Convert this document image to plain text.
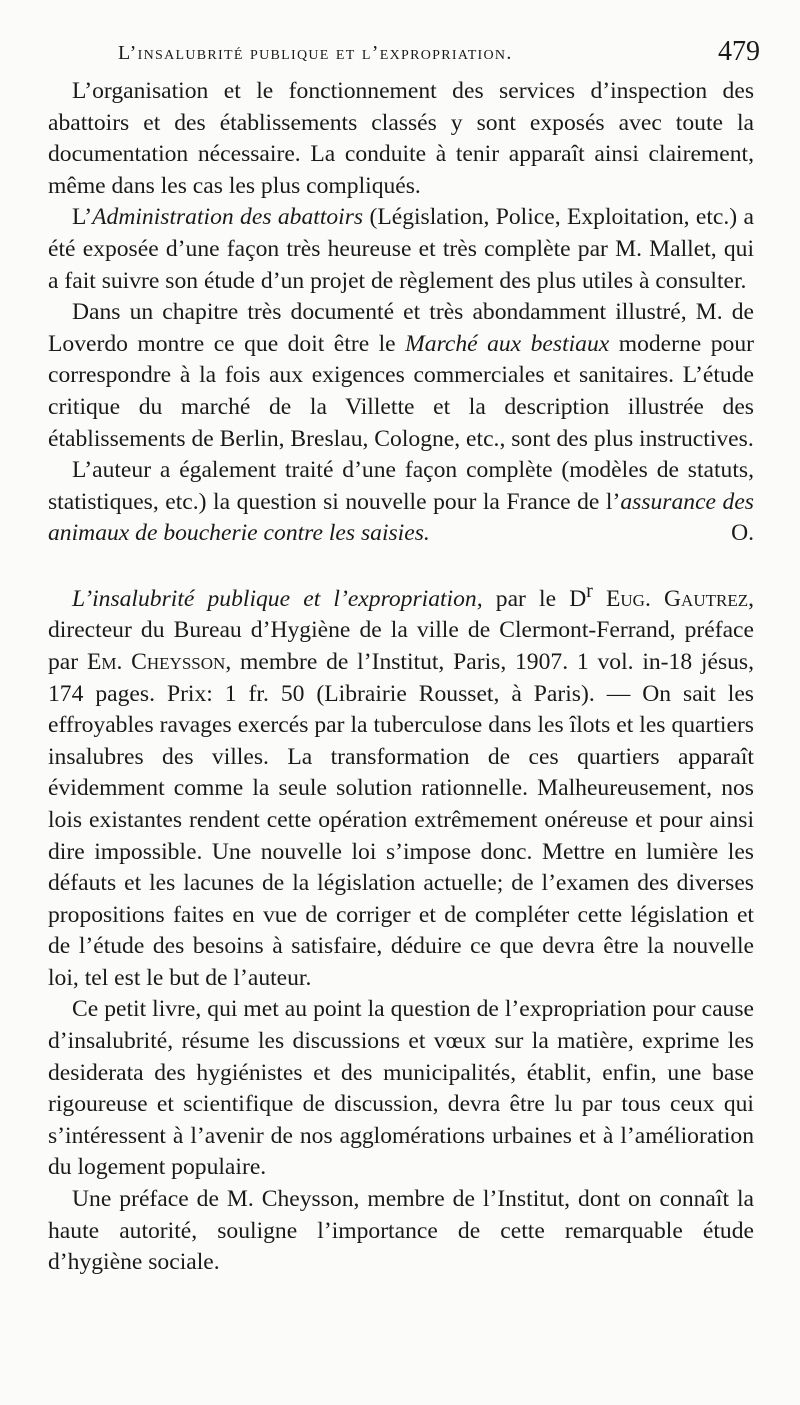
L’insalubrité publique et l’expropriation.	479

L’organisation et le fonctionnement des services d’inspection des abattoirs et des établissements classés y sont exposés avec toute la documentation nécessaire. La conduite à tenir apparaît ainsi clairement, même dans les cas les plus compliqués.

L’Administration des abattoirs (Législation, Police, Exploitation, etc.) a été exposée d’une façon très heureuse et très complète par M. Mallet, qui a fait suivre son étude d’un projet de règlement des plus utiles à consulter.

Dans un chapitre très documenté et très abondamment illustré, M. de Loverdo montre ce que doit être le Marché aux bestiaux moderne pour correspondre à la fois aux exigences commerciales et sanitaires. L’étude critique du marché de la Villette et la description illustrée des établissements de Berlin, Breslau, Cologne, etc., sont des plus instructives.

L’auteur a également traité d’une façon complète (modèles de statuts, statistiques, etc.) la question si nouvelle pour la France de l’assurance des animaux de boucherie contre les saisies.	O.

L’insalubrité publique et l’expropriation, par le $D^r$ Eug. Gautrez, directeur du Bureau d’Hygiène de la ville de Clermont-Ferrand, préface par Em. Cheysson, membre de l’Institut, Paris, 1907. 1 vol. in-18 jésus, 174 pages. Prix: 1 fr. 50 (Librairie Rousset, à Paris). — On sait les effroyables ravages exercés par la tuberculose dans les îlots et les quartiers insalubres des villes. La transformation de ces quartiers apparaît évidemment comme la seule solution rationnelle. Malheureusement, nos lois existantes rendent cette opération extrêmement onéreuse et pour ainsi dire impossible. Une nouvelle loi s’impose donc. Mettre en lumière les défauts et les lacunes de la législation actuelle; de l’examen des diverses propositions faites en vue de corriger et de compléter cette législation et de l’étude des besoins à satisfaire, déduire ce que devra être la nouvelle loi, tel est le but de l’auteur.

Ce petit livre, qui met au point la question de l’expropriation pour cause d’insalubrité, résume les discussions et vœux sur la matière, exprime les desiderata des hygiénistes et des municipalités, établit, enfin, une base rigoureuse et scientifique de discussion, devra être lu par tous ceux qui s’intéressent à l’avenir de nos agglomérations urbaines et à l’amélioration du logement populaire.

Une préface de M. Cheysson, membre de l’Institut, dont on connaît la haute autorité, souligne l’importance de cette remarquable étude d’hygiène sociale.
